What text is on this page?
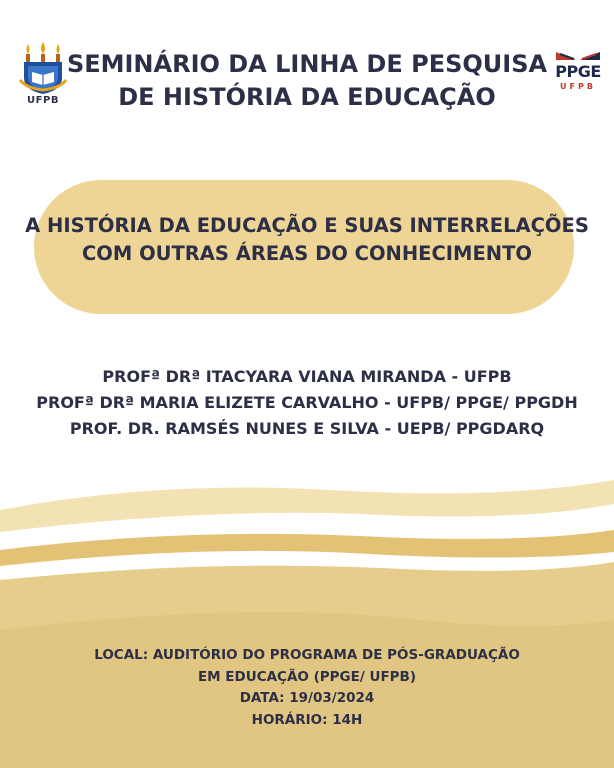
UFPB
SEMINÁRIO DA LINHA DE PESQUISA
DE HISTÓRIA DA EDUCAÇÃO
PPGE
UFPB
A HISTÓRIA DA EDUCAÇÃO E SUAS INTERRELAÇÕES
COM OUTRAS ÁREAS DO CONHECIMENTO
PROFª DRª ITACYARA VIANA MIRANDA - UFPB
PROFª DRª MARIA ELIZETE CARVALHO - UFPB/ PPGE/ PPGDH
PROF. DR. RAMSÉS NUNES E SILVA - UEPB/ PPGDARQ
LOCAL: AUDITÓRIO DO PROGRAMA DE PÓS-GRADUAÇÃO
EM EDUCAÇÃO (PPGE/ UFPB)
DATA: 19/03/2024
HORÁRIO: 14H
